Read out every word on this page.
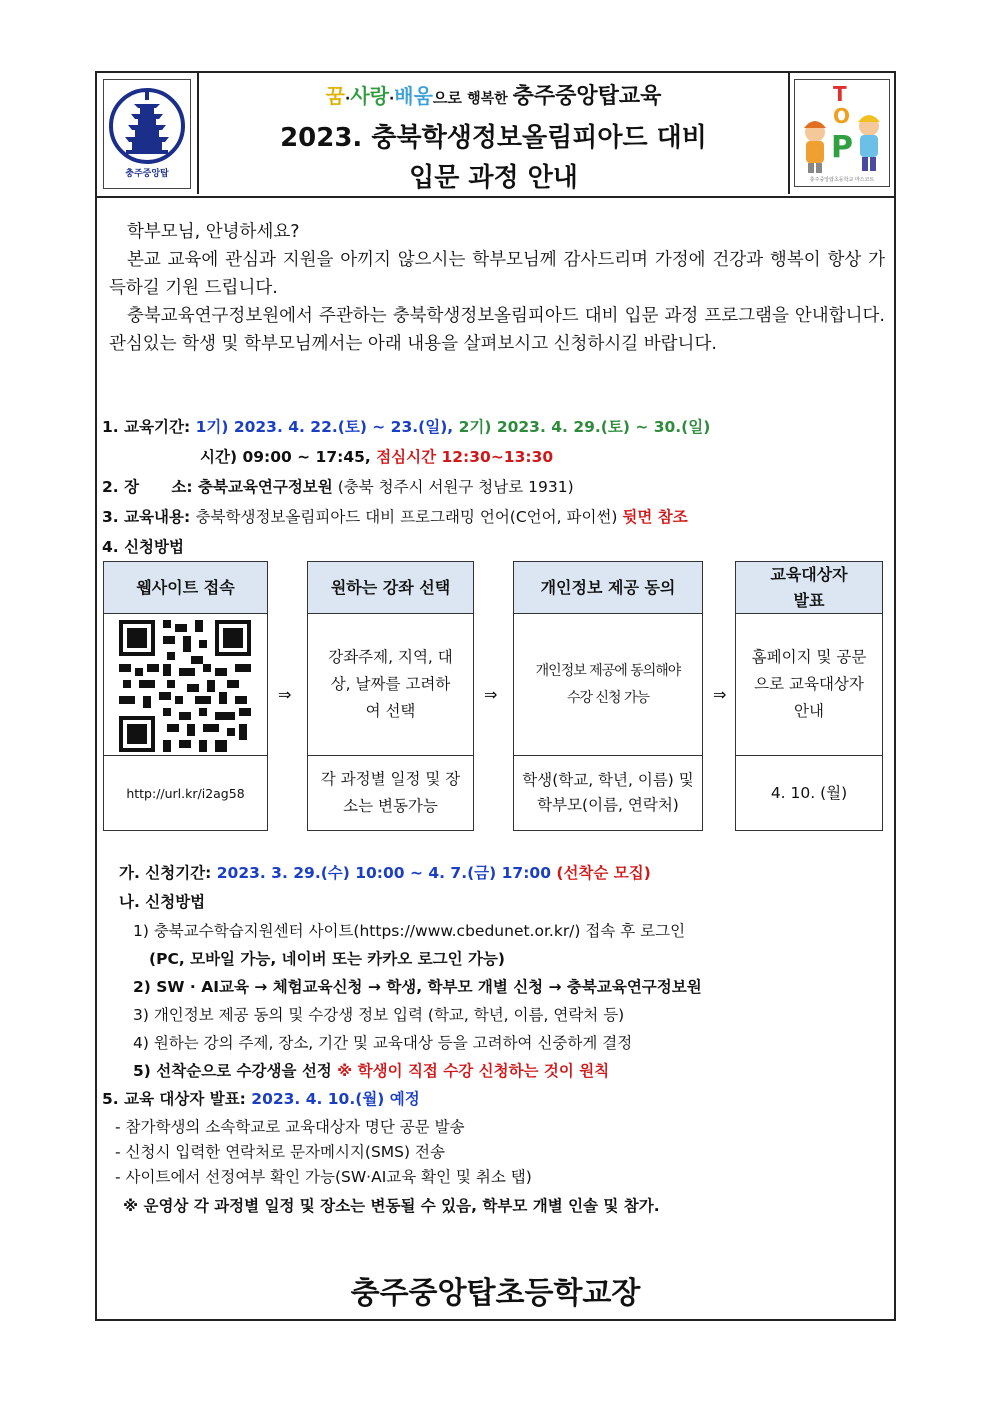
충주중앙탑
꿈·사랑·배움으로 행복한 충주중앙탑교육
2023. 충북학생정보올림피아드 대비
입문 과정 안내
T
O
P
충주중앙탑초등학교 마스코트

학부모님, 안녕하세요?

본교 교육에 관심과 지원을 아끼지 않으시는 학부모님께 감사드리며 가정에 건강과 행복이 항상 가득하길 기원 드립니다.

충북교육연구정보원에서 주관하는 충북학생정보올림피아드 대비 입문 과정 프로그램을 안내합니다. 관심있는 학생 및 학부모님께서는 아래 내용을 살펴보시고 신청하시길 바랍니다.

1. 교육기간: 1기) 2023. 4. 22.(토) ~ 23.(일), 2기) 2023. 4. 29.(토) ~ 30.(일)
시간) 09:00 ~ 17:45, 점심시간 12:30~13:30
2. 장      소: 충북교육연구정보원 (충북 청주시 서원구 청남로 1931)
3. 교육내용: 충북학생정보올림피아드 대비 프로그래밍 언어(C언어, 파이썬) 뒷면 참조
4. 신청방법
웹사이트 접속
http://url.kr/i2ag58
⇒
원하는 강좌 선택
강좌주제, 지역, 대상, 날짜를 고려하여 선택
각 과정별 일정 및 장소는 변동가능
⇒
개인정보 제공 동의
개인정보 제공에 동의해야 수강 신청 가능
학생(학교, 학년, 이름) 및 학부모(이름, 연락처)
⇒
교육대상자 발표
홈페이지 및 공문으로 교육대상자 안내
4. 10. (월)
가. 신청기간: 2023. 3. 29.(수) 10:00 ~ 4. 7.(금) 17:00 (선착순 모집)
나. 신청방법
1) 충북교수학습지원센터 사이트(https://www.cbedunet.or.kr/) 접속 후 로그인
(PC, 모바일 가능, 네이버 또는 카카오 로그인 가능)
2) SW · AI교육 → 체험교육신청 → 학생, 학부모 개별 신청 → 충북교육연구정보원
3) 개인정보 제공 동의 및 수강생 정보 입력 (학교, 학년, 이름, 연락처 등)
4) 원하는 강의 주제, 장소, 기간 및 교육대상 등을 고려하여 신중하게 결정
5) 선착순으로 수강생을 선정 ※ 학생이 직접 수강 신청하는 것이 원칙
5. 교육 대상자 발표: 2023. 4. 10.(월) 예정
- 참가학생의 소속학교로 교육대상자 명단 공문 발송
- 신청시 입력한 연락처로 문자메시지(SMS) 전송
- 사이트에서 선정여부 확인 가능(SW·AI교육 확인 및 취소 탭)
※ 운영상 각 과정별 일정 및 장소는 변동될 수 있음, 학부모 개별 인솔 및 참가.
충주중앙탑초등학교장
